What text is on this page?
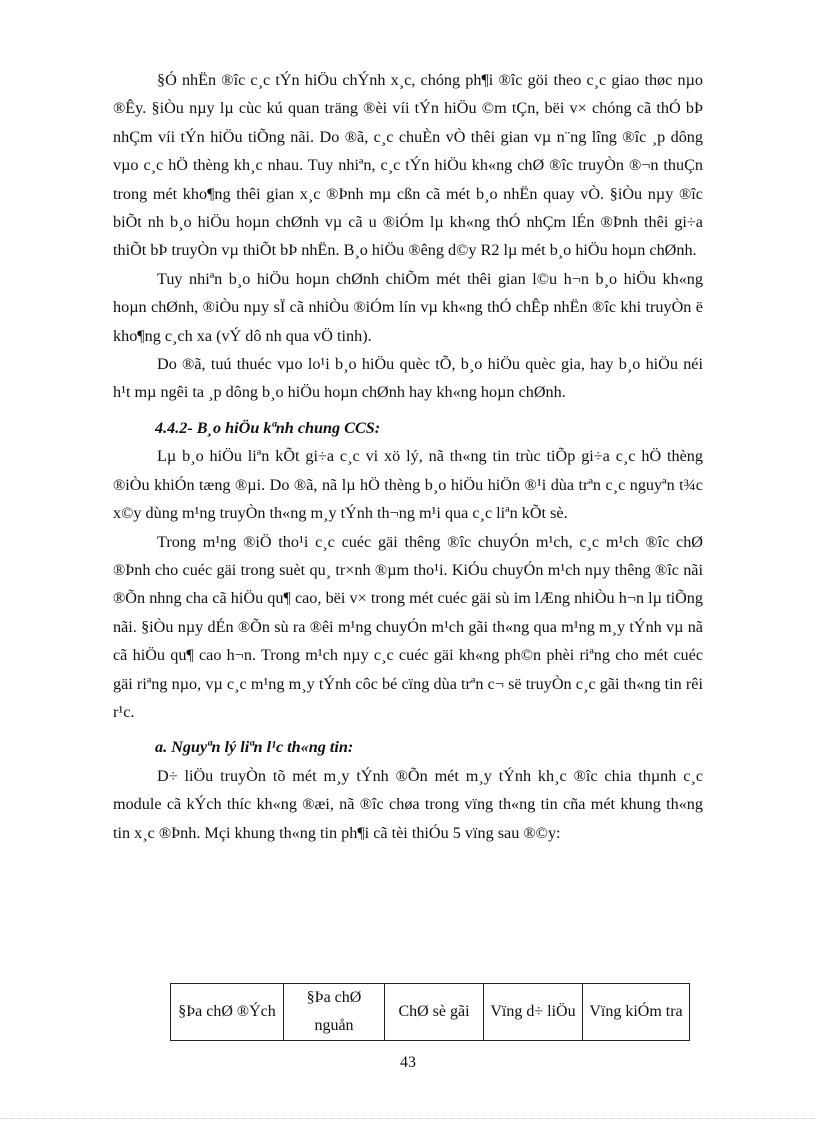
§Ó nhËn ®îc c¸c tÝn hiÖu chÝnh x¸c, chóng ph¶i ®îc göi theo c¸c giao thøc nµo ®Êy. §iÒu nµy lµ cùc kú quan träng ®èi víi tÝn hiÖu ©m tÇn, bëi v× chóng cã thÓ bÞ nhÇm víi tÝn hiÖu tiÕng nãi. Do ®ã, c¸c chuÈn vÒ thêi gian vµ n¨ng lîng ®îc ¸p dông vµo c¸c hÖ thèng kh¸c nhau. Tuy nhiªn, c¸c tÝn hiÖu kh«ng chØ ®îc truyÒn ®¬n thuÇn trong mét kho¶ng thêi gian x¸c ®Þnh mµ cßn cã mét b¸o nhËn quay vÒ. §iÒu nµy ®îc biÕt nh b¸o hiÖu hoµn chØnh vµ cã u ®iÓm lµ kh«ng thÓ nhÇm lÉn ®Þnh thêi gi÷a thiÕt bÞ truyÒn vµ thiÕt bÞ nhËn. B¸o hiÖu ®êng d©y R2 lµ mét b¸o hiÖu hoµn chØnh.

Tuy nhiªn b¸o hiÖu hoµn chØnh chiÕm mét thêi gian l©u h¬n b¸o hiÖu kh«ng hoµn chØnh, ®iÒu nµy sÏ cã nhiÒu ®iÓm lín vµ kh«ng thÓ chÊp nhËn ®îc khi truyÒn ë kho¶ng c¸ch xa (vÝ dô nh qua vÖ tinh).

Do ®ã, tuú thuéc vµo lo¹i b¸o hiÖu quèc tÕ, b¸o hiÖu quèc gia, hay b¸o hiÖu néi h¹t mµ ngêi ta ¸p dông b¸o hiÖu hoµn chØnh hay kh«ng hoµn chØnh.

4.4.2- B¸o hiÖu kªnh chung CCS:

Lµ b¸o hiÖu liªn kÕt gi÷a c¸c vi xö lý, nã th«ng tin trùc tiÕp gi÷a c¸c hÖ thèng ®iÒu khiÓn tæng ®µi. Do ®ã, nã lµ hÖ thèng b¸o hiÖu hiÖn ®¹i dùa trªn c¸c nguyªn t¾c x©y dùng m¹ng truyÒn th«ng m¸y tÝnh th¬ng m¹i qua c¸c liªn kÕt sè.

Trong m¹ng ®iÖ tho¹i c¸c cuéc gäi thêng ®îc chuyÓn m¹ch, c¸c m¹ch ®îc chØ ®Þnh cho cuéc gäi trong suèt qu¸ tr×nh ®µm tho¹i. KiÓu chuyÓn m¹ch nµy thêng ®îc nãi ®Õn nhng cha cã hiÖu qu¶ cao, bëi v× trong mét cuéc gäi sù im lÆng nhiÒu h¬n lµ tiÕng nãi. §iÒu nµy dÉn ®Õn sù ra ®êi m¹ng chuyÓn m¹ch gãi th«ng qua m¹ng m¸y tÝnh vµ nã cã hiÖu qu¶ cao h¬n. Trong m¹ch nµy c¸c cuéc gäi kh«ng ph©n phèi riªng cho mét cuéc gäi riªng nµo, vµ c¸c m¹ng m¸y tÝnh côc bé cïng dùa trªn c¬ së truyÒn c¸c gãi th«ng tin rêi r¹c.

a. Nguyªn lý liªn l¹c th«ng tin:

D÷ liÖu truyÒn tõ mét m¸y tÝnh ®Õn mét m¸y tÝnh kh¸c ®îc chia thµnh c¸c module cã kÝch thíc kh«ng ®æi, nã ®îc chøa trong vïng th«ng tin cña mét khung th«ng tin x¸c ®Þnh. Mçi khung th«ng tin ph¶i cã tèi thiÓu 5 vïng sau ®©y:

§Þa chØ ®Ých	§Þa chØ nguån	ChØ sè gãi	Vïng d÷ liÖu	Vïng kiÓm tra
43
